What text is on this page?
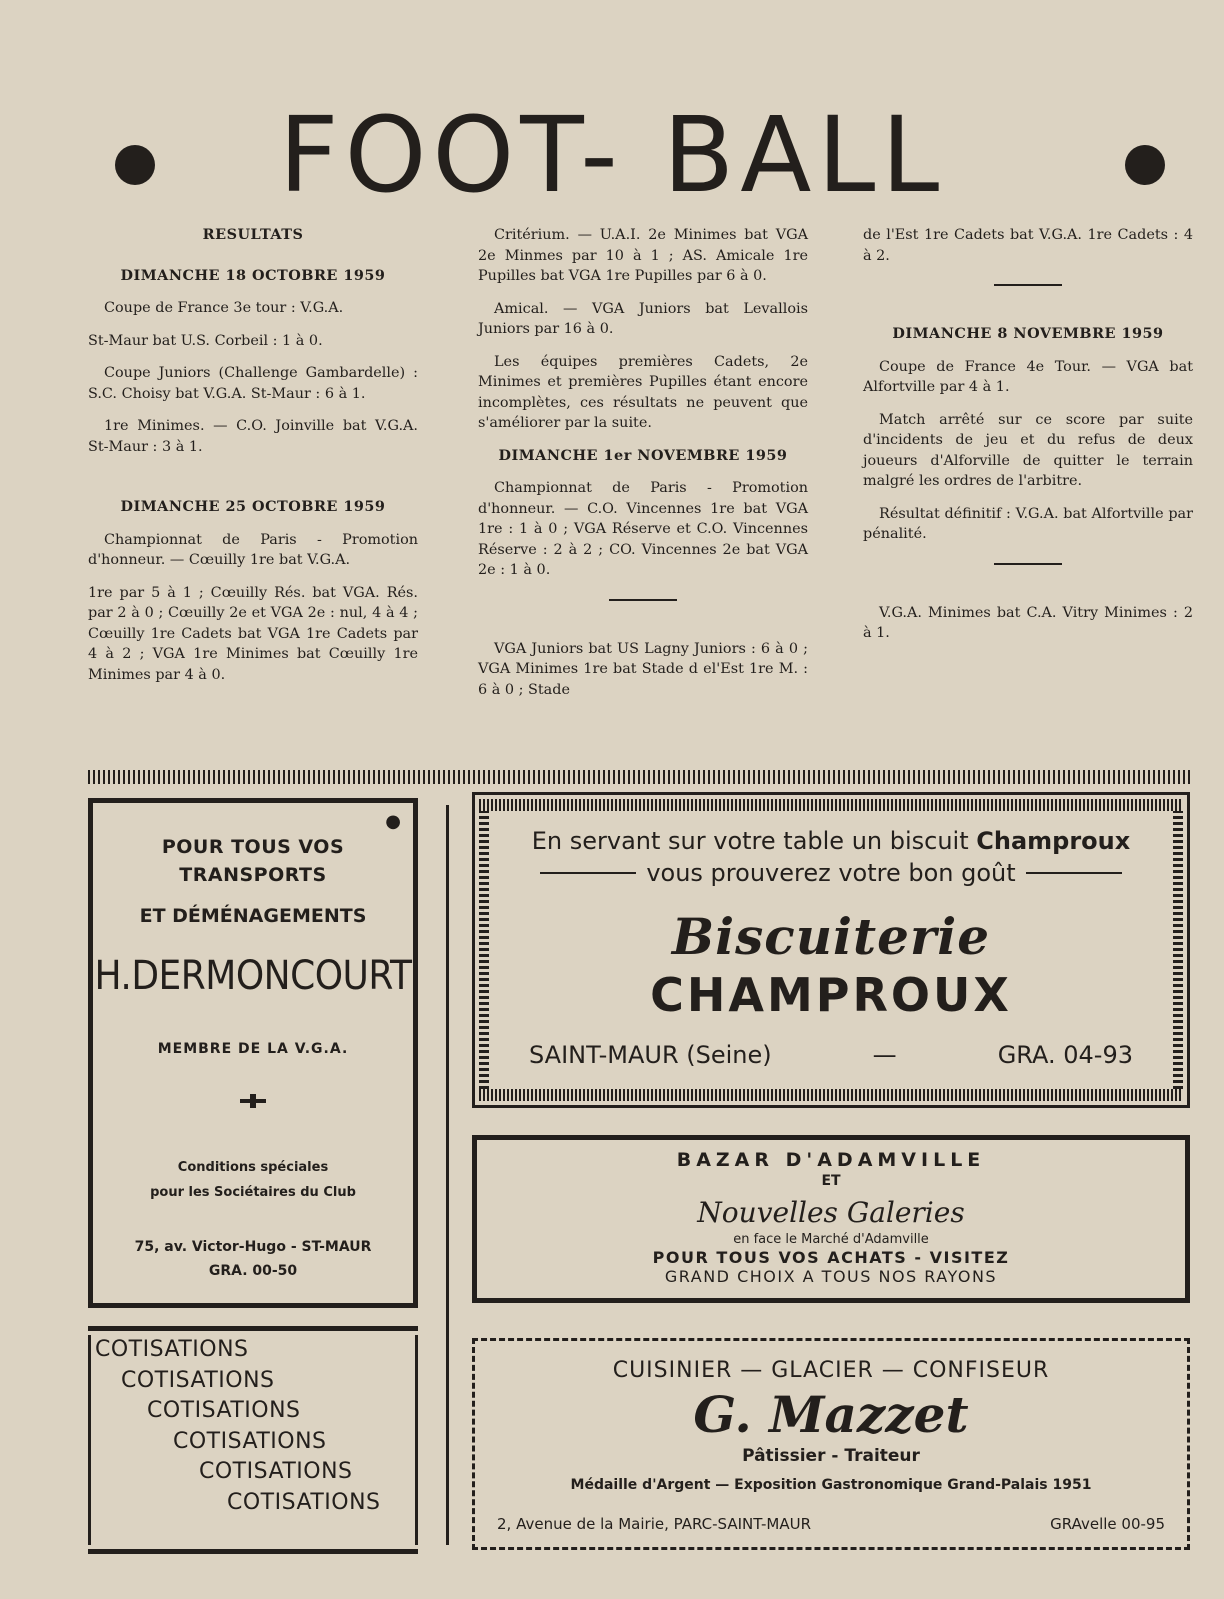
FOOT- BALL
RESULTATS
DIMANCHE 18 OCTOBRE 1959

Coupe de France 3e tour : V.G.A.

St-Maur bat U.S. Corbeil : 1 à 0.

Coupe Juniors (Challenge Gambardelle) : S.C. Choisy bat V.G.A. St-Maur : 6 à 1.

1re Minimes. — C.O. Joinville bat V.G.A. St-Maur : 3 à 1.

DIMANCHE 25 OCTOBRE 1959

Championnat de Paris - Promotion d'honneur. — Cœuilly 1re bat V.G.A.

1re par 5 à 1 ; Cœuilly Rés. bat VGA. Rés. par 2 à 0 ; Cœuilly 2e et VGA 2e : nul, 4 à 4 ; Cœuilly 1re Cadets bat VGA 1re Cadets par 4 à 2 ; VGA 1re Minimes bat Cœuilly 1re Minimes par 4 à 0.

Critérium. — U.A.I. 2e Minimes bat VGA 2e Minmes par 10 à 1 ; AS. Amicale 1re Pupilles bat VGA 1re Pupilles par 6 à 0.

Amical. — VGA Juniors bat Levallois Juniors par 16 à 0.

Les équipes premières Cadets, 2e Minimes et premières Pupilles étant encore incomplètes, ces résultats ne peuvent que s'améliorer par la suite.

DIMANCHE 1er NOVEMBRE 1959

Championnat de Paris - Promotion d'honneur. — C.O. Vincennes 1re bat VGA 1re : 1 à 0 ; VGA Réserve et C.O. Vincennes Réserve : 2 à 2 ; CO. Vincennes 2e bat VGA 2e : 1 à 0.

VGA Juniors bat US Lagny Juniors : 6 à 0 ; VGA Minimes 1re bat Stade d el'Est 1re M. : 6 à 0 ; Stade

de l'Est 1re Cadets bat V.G.A. 1re Cadets : 4 à 2.

DIMANCHE 8 NOVEMBRE 1959

Coupe de France 4e Tour. — VGA bat Alfortville par 4 à 1.

Match arrêté sur ce score par suite d'incidents de jeu et du refus de deux joueurs d'Alforville de quitter le terrain malgré les ordres de l'arbitre.

Résultat définitif : V.G.A. bat Alfortville par pénalité.

V.G.A. Minimes bat C.A. Vitry Minimes : 2 à 1.

●
POUR TOUS VOS TRANSPORTS
ET DÉMÉNAGEMENTS
H.DERMONCOURT
MEMBRE DE LA V.G.A.
Conditions spéciales
pour les Sociétaires du Club
75, av. Victor-Hugo - ST-MAUR
GRA. 00-50
En servant sur votre table un biscuit Champroux
vous prouverez votre bon goût
Biscuiterie
CHAMPROUX
SAINT-MAUR (Seine)	—	GRA. 04-93
BAZAR D'ADAMVILLE
ET
Nouvelles Galeries
en face le Marché d'Adamville
POUR TOUS VOS ACHATS - VISITEZ
GRAND CHOIX A TOUS NOS RAYONS
COTISATIONS
COTISATIONS
COTISATIONS
COTISATIONS
COTISATIONS
COTISATIONS
CUISINIER — GLACIER — CONFISEUR
G. Mazzet
Pâtissier - Traiteur
Médaille d'Argent — Exposition Gastronomique Grand-Palais 1951
2, Avenue de la Mairie, PARC-SAINT-MAUR	GRAvelle 00-95
